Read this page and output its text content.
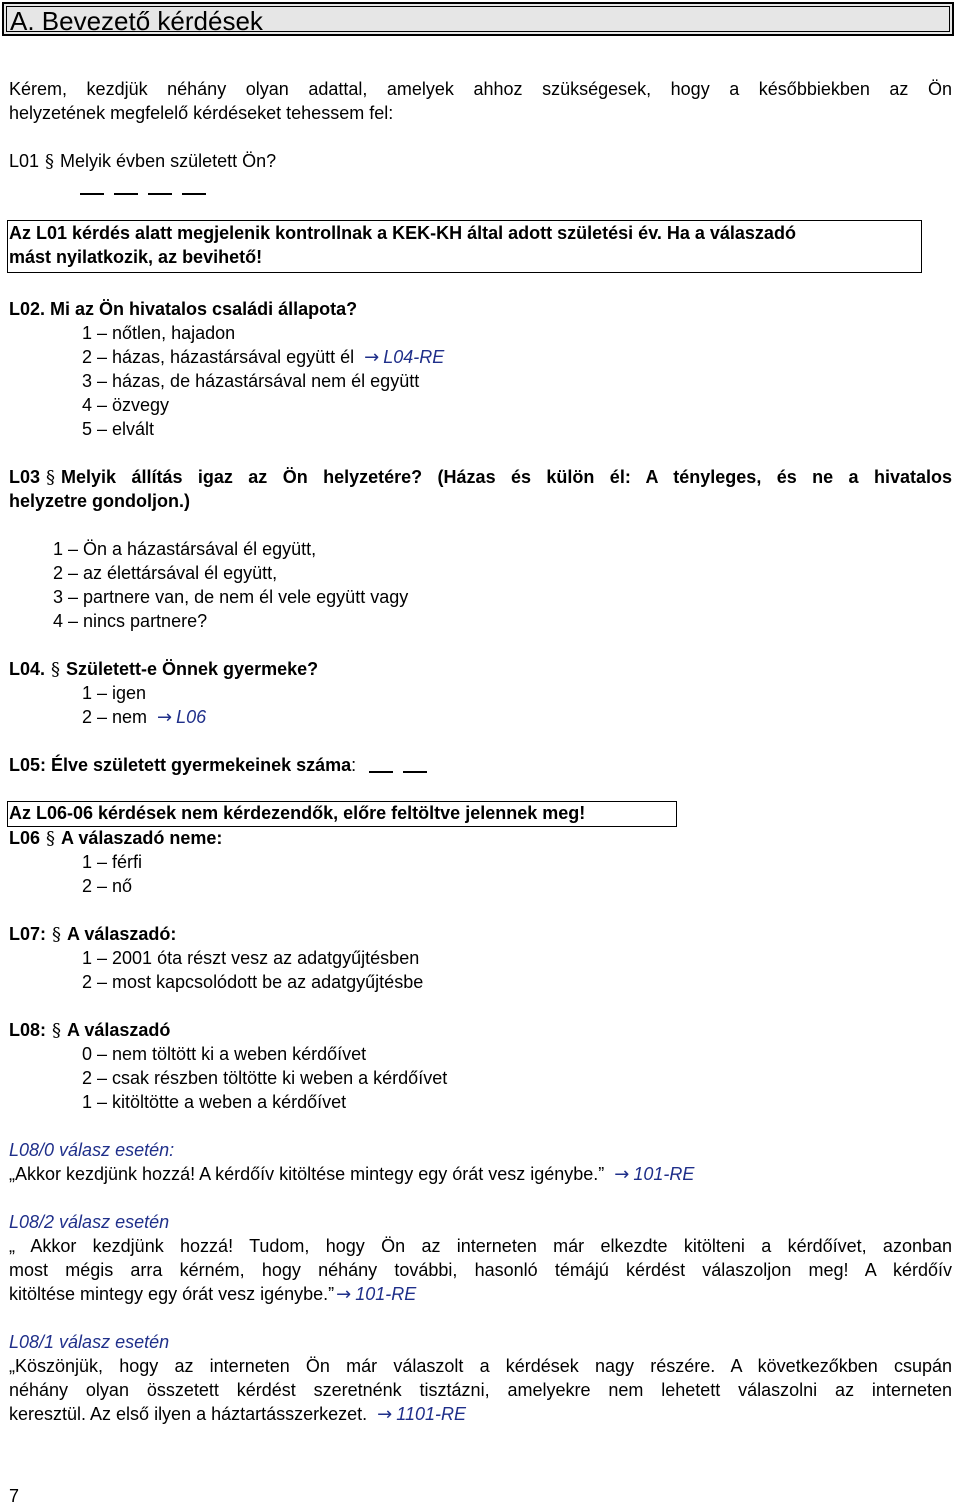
A. Bevezető kérdések
Kérem, kezdjük néhány olyan adattal, amelyek ahhoz szükségesek, hogy a későbbiekben az Ön
helyzetének megfelelő kérdéseket tehessem fel:
L01 § Melyik évben született Ön?
Az L01 kérdés alatt megjelenik kontrollnak a KEK-KH által adott születési év. Ha a válaszadó
mást nyilatkozik, az bevihető!
L02. Mi az Ön hivatalos családi állapota?
1 – nőtlen, hajadon
2 – házas, házastársával együtt él → L04-RE
3 – házas, de házastársával nem él együtt
4 – özvegy
5 – elvált
L03 § Melyik állítás igaz az Ön helyzetére? (Házas és külön él: A tényleges, és ne a hivatalos
helyzetre gondoljon.)
1 – Ön a házastársával él együtt,
2 – az élettársával él együtt,
3 – partnere van, de nem él vele együtt vagy
4 – nincs partnere?
L04. § Született-e Önnek gyermeke?
1 – igen
2 – nem → L06
L05: Élve született gyermekeinek száma:
Az L06-06 kérdések nem kérdezendők, előre feltöltve jelennek meg!
L06 § A válaszadó neme:
1 – férfi
2 – nő
L07: § A válaszadó:
1 – 2001 óta részt vesz az adatgyűjtésben
2 – most kapcsolódott be az adatgyűjtésbe
L08: § A válaszadó
0 – nem töltött ki a weben kérdőívet
2 – csak részben töltötte ki weben a kérdőívet
1 – kitöltötte a weben a kérdőívet
L08/0 válasz esetén:
„Akkor kezdjünk hozzá! A kérdőív kitöltése mintegy egy órát vesz igénybe.” → 101-RE
L08/2 válasz esetén
„ Akkor kezdjünk hozzá! Tudom, hogy Ön az interneten már elkezdte kitölteni a kérdőívet, azonban
most mégis arra kérném, hogy néhány további, hasonló témájú kérdést válaszoljon meg! A kérdőív
kitöltése mintegy egy órát vesz igénybe.” → 101-RE
L08/1 válasz esetén
„Köszönjük, hogy az interneten Ön már válaszolt a kérdések nagy részére. A következőkben csupán
néhány olyan összetett kérdést szeretnénk tisztázni, amelyekre nem lehetett válaszolni az interneten
keresztül. Az első ilyen a háztartásszerkezet. → 1101-RE
7
